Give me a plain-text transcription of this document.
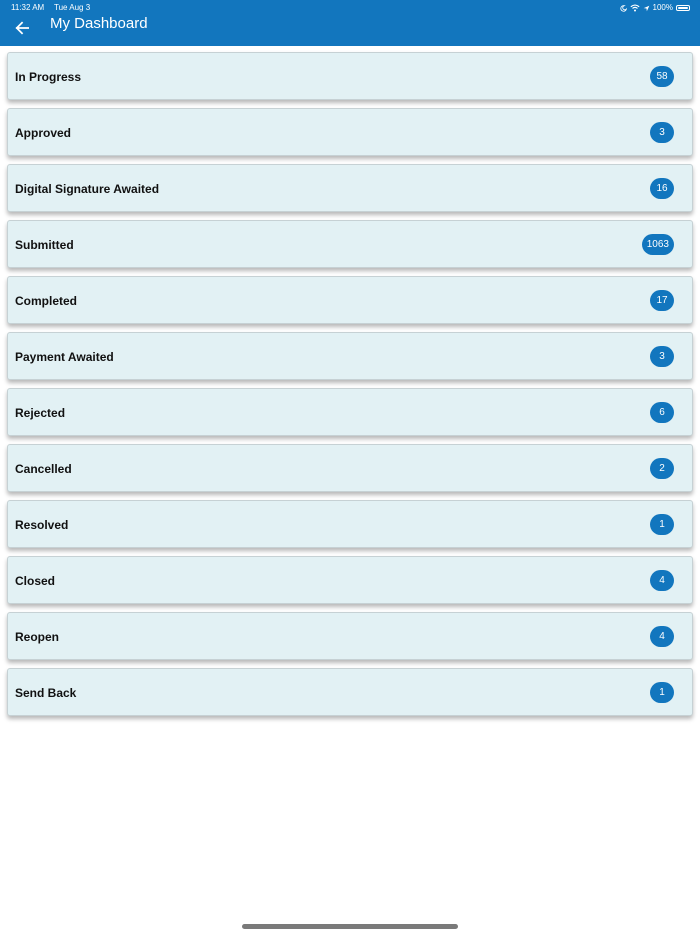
11:32 AM Tue Aug 3	100%
My Dashboard
In Progress	58
Approved	3
Digital Signature Awaited	16
Submitted	1063
Completed	17
Payment Awaited	3
Rejected	6
Cancelled	2
Resolved	1
Closed	4
Reopen	4
Send Back	1
